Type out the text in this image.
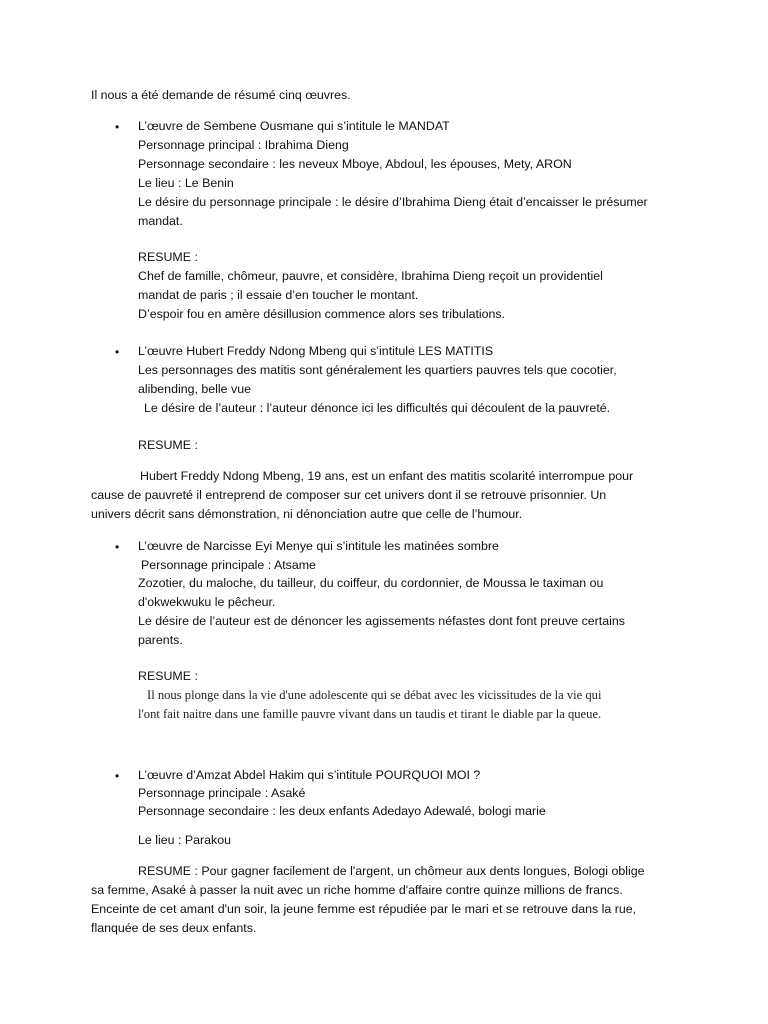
Il nous a été demande de résumé cinq œuvres.
• L’œuvre de Sembene Ousmane qui s’intitule le MANDAT
Personnage principal : Ibrahima Dieng
Personnage secondaire : les neveux Mboye, Abdoul, les épouses, Mety, ARON
Le lieu : Le Benin
Le désire du personnage principale : le désire d’Ibrahima Dieng était d’encaisser le présumer
mandat.
RESUME :
Chef de famille, chômeur, pauvre, et considère, Ibrahima Dieng reçoit un providentiel
mandat de paris ; il essaie d’en toucher le montant.
D’espoir fou en amère désillusion commence alors ses tribulations.
• L’œuvre Hubert Freddy Ndong Mbeng qui s’intitule LES MATITIS
Les personnages des matitis sont généralement les quartiers pauvres tels que cocotier,
alibending, belle vue
Le désire de l’auteur : l’auteur dénonce ici les difficultés qui découlent de la pauvreté.
RESUME :
Hubert Freddy Ndong Mbeng, 19 ans, est un enfant des matitis scolarité interrompue pour
cause de pauvreté il entreprend de composer sur cet univers dont il se retrouve prisonnier. Un
univers décrit sans démonstration, ni dénonciation autre que celle de l’humour.
• L’œuvre de Narcisse Eyi Menye qui s’intitule les matinées sombre
Personnage principale : Atsame
Zozotier, du maloche, du tailleur, du coiffeur, du cordonnier, de Moussa le taximan ou
d'okwekwuku le pêcheur.
Le désire de l’auteur est de dénoncer les agissements néfastes dont font preuve certains
parents.
RESUME :
Il nous plonge dans la vie d'une adolescente qui se débat avec les vicissitudes de la vie qui
l'ont fait naitre dans une famille pauvre vivant dans un taudis et tirant le diable par la queue.
• L’œuvre d’Amzat Abdel Hakim qui s’intitule POURQUOI MOI ?
Personnage principale : Asaké
Personnage secondaire : les deux enfants Adedayo Adewalé, bologi marie
Le lieu : Parakou
RESUME : Pour gagner facilement de l'argent, un chômeur aux dents longues, Bologi oblige
sa femme, Asaké à passer la nuit avec un riche homme d'affaire contre quinze millions de francs.
Enceinte de cet amant d'un soir, la jeune femme est répudiée par le mari et se retrouve dans la rue,
flanquée de ses deux enfants.
